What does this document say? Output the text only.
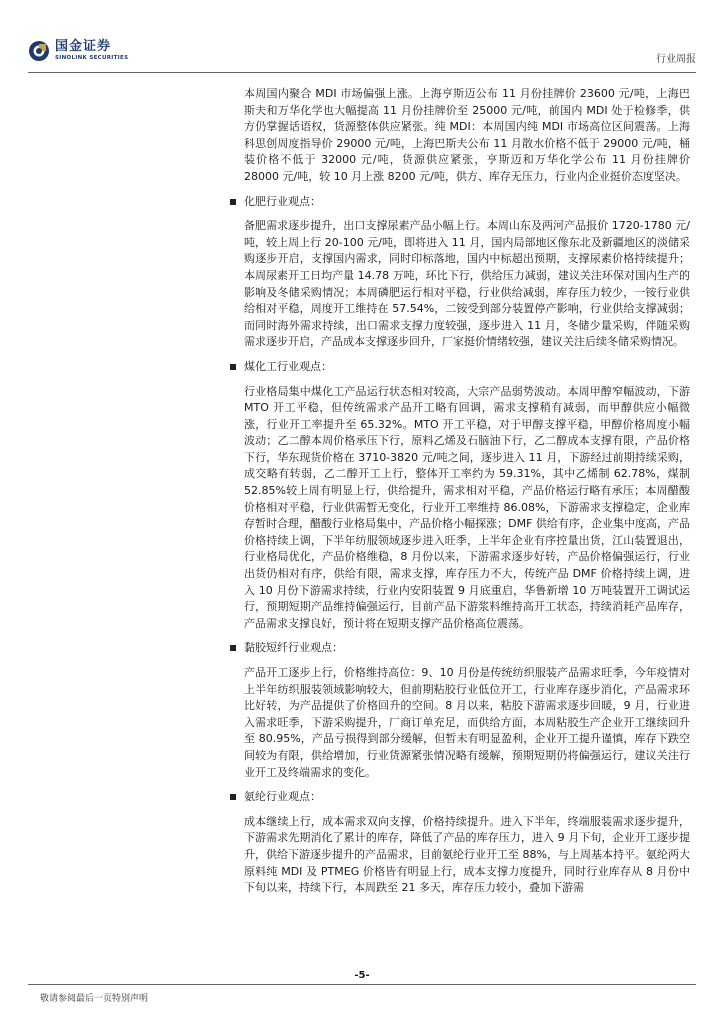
国金证券
SINOLINK SECURITIES	行业周报

本周国内聚合 MDI 市场偏强上涨。上海亨斯迈公布 11 月份挂牌价 23600 元/吨，上海巴斯夫和万华化学也大幅提高 11 月份挂牌价至 25000 元/吨，前国内 MDI 处于检修季，供方仍掌握话语权，货源整体供应紧张。纯 MDI：本周国内纯 MDI 市场高位区间震荡。上海科思创周度指导价 29000 元/吨，上海巴斯夫公布 11 月散水价格不低于 29000 元/吨，桶装价格不低于 32000 元/吨，货源供应紧张，亨斯迈和万华化学公布 11 月份挂牌价 28000 元/吨，较 10 月上涨 8200 元/吨，供方、库存无压力，行业内企业挺价态度坚决。

化肥行业观点：

备肥需求逐步提升，出口支撑尿素产品小幅上行。本周山东及两河产品报价 1720-1780 元/吨，较上周上行 20-100 元/吨，即将进入 11 月，国内局部地区像东北及新疆地区的淡储采购逐步开启，支撑国内需求，同时印标落地，国内中标超出预期，支撑尿素价格持续提升；本周尿素开工日均产量 14.78 万吨，环比下行，供给压力减弱，建议关注环保对国内生产的影响及冬储采购情况；本周磷肥运行相对平稳，行业供给减弱，库存压力较少，一铵行业供给相对平稳，周度开工维持在 57.54%，二铵受到部分装置停产影响，行业供给支撑减弱；而同时海外需求持续，出口需求支撑力度较强，逐步进入 11 月，冬储少量采购，伴随采购需求逐步开启，产品成本支撑逐步回升，厂家挺价情绪较强，建议关注后续冬储采购情况。

煤化工行业观点：

行业格局集中煤化工产品运行状态相对较高，大宗产品弱势波动。本周甲醇窄幅波动，下游 MTO 开工平稳，但传统需求产品开工略有回调，需求支撑稍有减弱，而甲醇供应小幅微涨，行业开工率提升至 65.32%。MTO 开工平稳，对于甲醇支撑平稳，甲醇价格周度小幅波动；乙二醇本周价格承压下行，原料乙烯及石脑油下行，乙二醇成本支撑有限，产品价格下行，华东现货价格在 3710-3820 元/吨之间，逐步进入 11 月，下游经过前期持续采购，成交略有转弱，乙二醇开工上行，整体开工率约为 59.31%，其中乙烯制 62.78%，煤制 52.85%较上周有明显上行，供给提升，需求相对平稳，产品价格运行略有承压；本周醋酸价格相对平稳，行业供需暂无变化，行业开工率维持 86.08%，下游需求支撑稳定，企业库存暂时合理，醋酸行业格局集中，产品价格小幅探涨；DMF 供给有序，企业集中度高，产品价格持续上调，下半年纺服领域逐步进入旺季，上半年企业有序控量出货，江山装置退出，行业格局优化，产品价格维稳，8 月份以来，下游需求逐步好转，产品价格偏强运行，行业出货仍相对有序，供给有限，需求支撑，库存压力不大，传统产品 DMF 价格持续上调，进入 10 月份下游需求持续，行业内安阳装置 9 月底重启，华鲁新增 10 万吨装置开工调试运行，预期短期产品维持偏强运行，目前产品下游浆料维持高开工状态，持续消耗产品库存，产品需求支撑良好，预计将在短期支撑产品价格高位震荡。

黏胶短纤行业观点：

产品开工逐步上行，价格维持高位：9、10 月份是传统纺织服装产品需求旺季，今年疫情对上半年纺织服装领域影响较大，但前期粘胶行业低位开工，行业库存逐步消化，产品需求环比好转，为产品提供了价格回升的空间。8 月以来，粘胶下游需求逐步回暖，9 月，行业进入需求旺季，下游采购提升，厂商订单充足，而供给方面，本周粘胶生产企业开工继续回升至 80.95%，产品亏损得到部分缓解，但暂未有明显盈利，企业开工提升谨慎，库存下跌空间较为有限，供给增加，行业货源紧张情况略有缓解，预期短期仍将偏强运行，建议关注行业开工及终端需求的变化。

氨纶行业观点：

成本继续上行，成本需求双向支撑，价格持续提升。进入下半年，终端服装需求逐步提升，下游需求先期消化了累计的库存，降低了产品的库存压力，进入 9 月下旬，企业开工逐步提升，供给下游逐步提升的产品需求，目前氨纶行业开工至 88%，与上周基本持平。氨纶两大原料纯 MDI 及 PTMEG 价格皆有明显上行，成本支撑力度提升，同时行业库存从 8 月份中下旬以来，持续下行，本周跌至 21 多天，库存压力较小，叠加下游需

-5-
敬请参阅最后一页特别声明
